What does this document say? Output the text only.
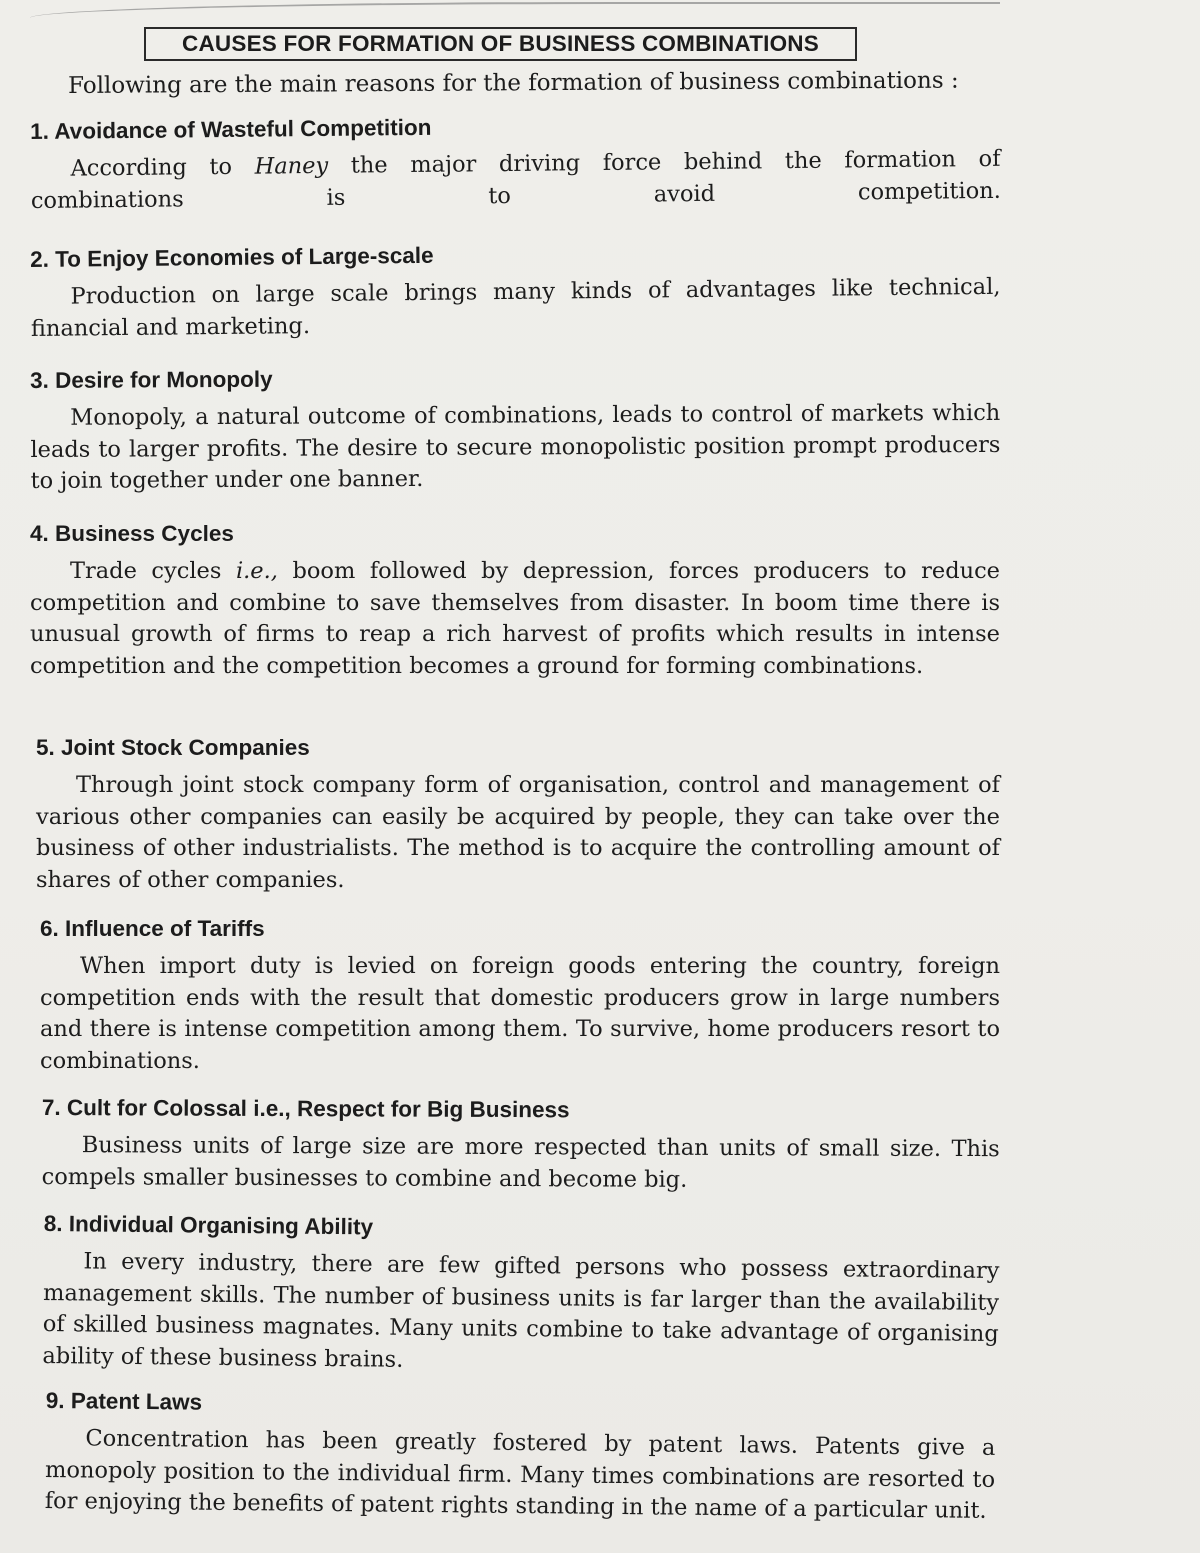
CAUSES FOR FORMATION OF BUSINESS COMBINATIONS
Following are the main reasons for the formation of business combinations :
1. Avoidance of Wasteful Competition

According to Haney the major driving force behind the formation of combinations is to avoid competition.

2. To Enjoy Economies of Large-scale

Production on large scale brings many kinds of advantages like technical, financial and marketing.

3. Desire for Monopoly

Monopoly, a natural outcome of combinations, leads to control of markets which leads to larger profits. The desire to secure monopolistic position prompt producers to join together under one banner.

4. Business Cycles

Trade cycles i.e., boom followed by depression, forces producers to reduce competition and combine to save themselves from disaster. In boom time there is unusual growth of firms to reap a rich harvest of profits which results in intense competition and the competition becomes a ground for forming combinations.

5. Joint Stock Companies

Through joint stock company form of organisation, control and management of various other companies can easily be acquired by people, they can take over the business of other industrialists. The method is to acquire the controlling amount of shares of other companies.

6. Influence of Tariffs

When import duty is levied on foreign goods entering the country, foreign competition ends with the result that domestic producers grow in large numbers and there is intense competition among them. To survive, home producers resort to combinations.

7. Cult for Colossal i.e., Respect for Big Business

Business units of large size are more respected than units of small size. This compels smaller businesses to combine and become big.

8. Individual Organising Ability

In every industry, there are few gifted persons who possess extraordinary management skills. The number of business units is far larger than the availability of skilled business magnates. Many units combine to take advantage of organising ability of these business brains.

9. Patent Laws

Concentration has been greatly fostered by patent laws. Patents give a monopoly position to the individual firm. Many times combinations are resorted to for enjoying the benefits of patent rights standing in the name of a particular unit.
